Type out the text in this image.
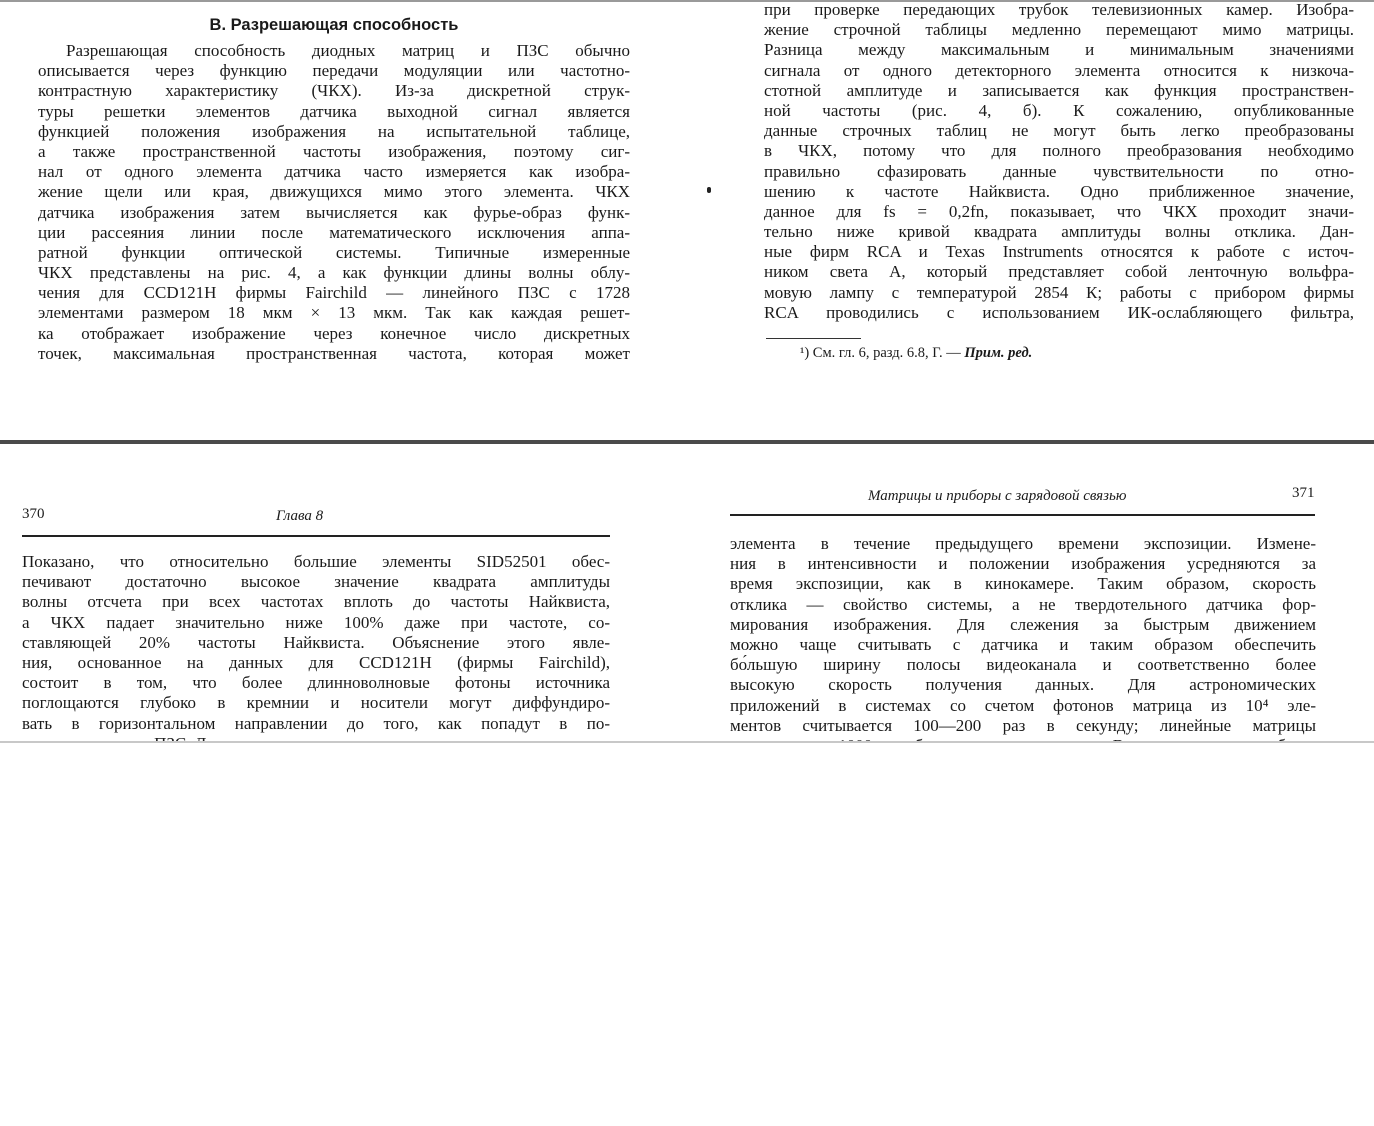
В. Разрешающая способность

Разрешающая способность диодных матриц и ПЗС обычно
описывается через функцию передачи модуляции или частотно-
контрастную характеристику (ЧКХ). Из-за дискретной струк-
туры решетки элементов датчика выходной сигнал является
функцией положения изображения на испытательной таблице,
а также пространственной частоты изображения, поэтому сиг-
нал от одного элемента датчика часто измеряется как изобра-
жение щели или края, движущихся мимо этого элемента. ЧКХ
датчика изображения затем вычисляется как фурье-образ функ-
ции рассеяния линии после математического исключения аппа-
ратной функции оптической системы. Типичные измеренные
ЧКХ представлены на рис. 4, а как функции длины волны облу-
чения для CCD121H фирмы Fairchild — линейного ПЗС с 1728
элементами размером 18 мкм × 13 мкм. Так как каждая решет-
ка отображает изображение через конечное число дискретных
точек, максимальная пространственная частота, которая может
при проверке передающих трубок телевизионных камер. Изобра-
жение строчной таблицы медленно перемещают мимо матрицы.
Разница между максимальным и минимальным значениями
сигнала от одного детекторного элемента относится к низкоча-
стотной амплитуде и записывается как функция пространствен-
ной частоты (рис. 4, б). К сожалению, опубликованные
данные строчных таблиц не могут быть легко преобразованы
в ЧКХ, потому что для полного преобразования необходимо
правильно сфазировать данные чувствительности по отно-
шению к частоте Найквиста. Одно приближенное значение,
данное для fs = 0,2fn, показывает, что ЧКХ проходит значи-
тельно ниже кривой квадрата амплитуды волны отклика. Дан-
ные фирм RCA и Texas Instruments относятся к работе с источ-
ником света A, который представляет собой ленточную вольфра-
мовую лампу с температурой 2854 К; работы с прибором фирмы
RCA проводились с использованием ИК-ослабляющего фильтра,
¹) См. гл. 6, разд. 6.8, Г. — Прим. ред.
370	Глава 8
Показано, что относительно большие элементы SID52501 обес-
печивают достаточно высокое значение квадрата амплитуды
волны отсчета при всех частотах вплоть до частоты Найквиста,
а ЧКХ падает значительно ниже 100% даже при частоте, со-
ставляющей 20% частоты Найквиста. Объяснение этого явле-
ния, основанное на данных для CCD121H (фирмы Fairchild),
состоит в том, что более длинноволновые фотоны источника
поглощаются глубоко в кремнии и носители могут диффундиро-
вать в горизонтальном направлении до того, как попадут в по-
Матрицы и приборы с зарядовой связью	371
элемента в течение предыдущего времени экспозиции. Измене-
ния в интенсивности и положении изображения усредняются за
время экспозиции, как в кинокамере. Таким образом, скорость
отклика — свойство системы, а не твердотельного датчика фор-
мирования изображения. Для слежения за быстрым движением
можно чаще считывать с датчика и таким образом обеспечить
бо́льшую ширину полосы видеоканала и соответственно более
высокую скорость получения данных. Для астрономических
приложений в системах со счетом фотонов матрица из 10⁴ эле-
ментов считывается 100—200 раз в секунду; линейные матрицы
